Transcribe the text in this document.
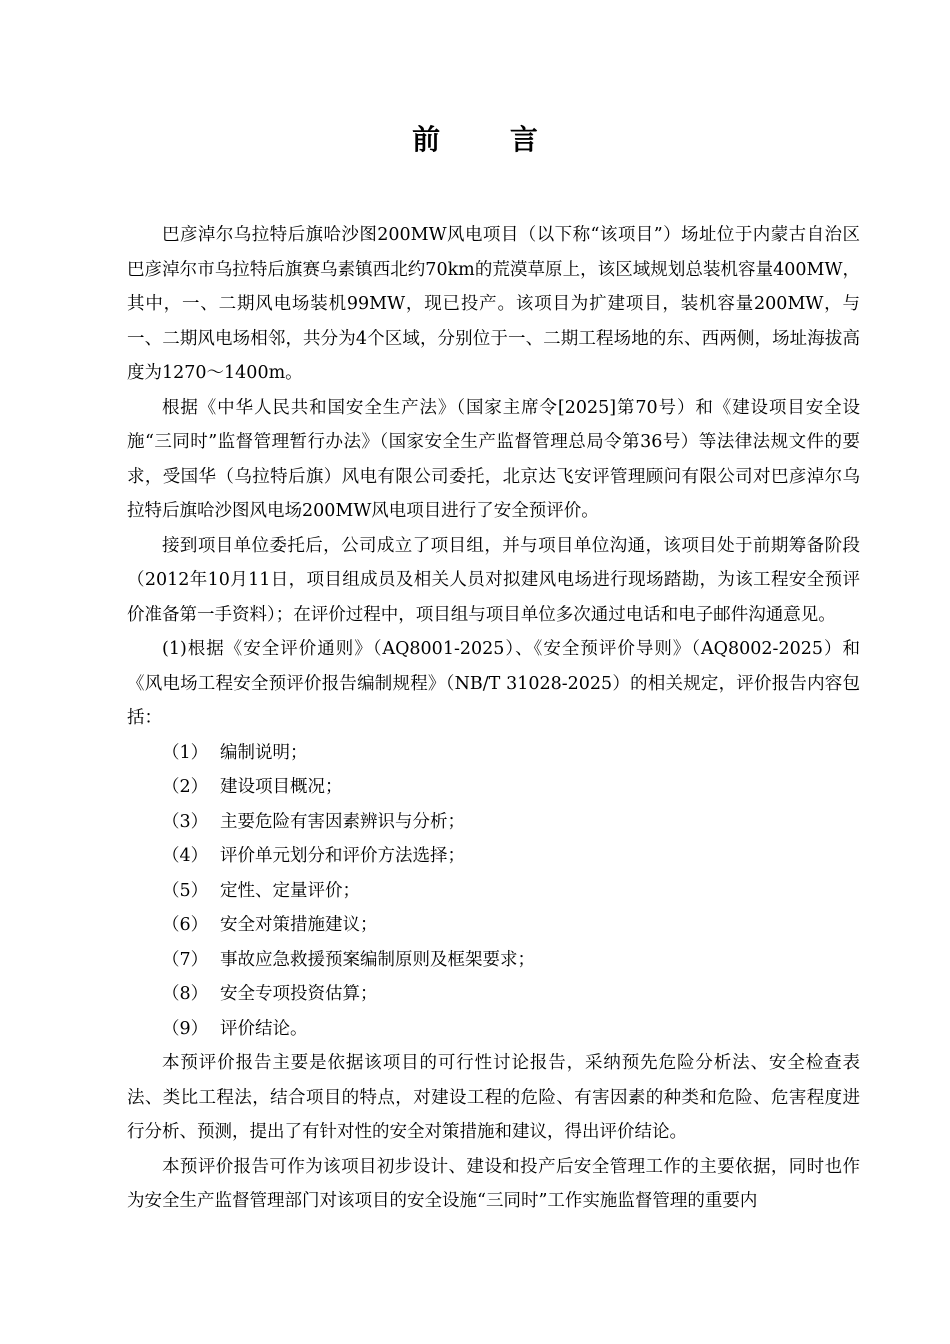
前 言

巴彦淖尔乌拉特后旗哈沙图200MW风电项目（以下称“该项目”）场址位于内蒙古自治区巴彦淖尔市乌拉特后旗赛乌素镇西北约70km的荒漠草原上，该区域规划总装机容量400MW，其中，一、二期风电场装机99MW，现已投产。该项目为扩建项目，装机容量200MW，与一、二期风电场相邻，共分为4个区域，分别位于一、二期工程场地的东、西两侧，场址海拔高度为1270～1400m。

根据《中华人民共和国安全生产法》（国家主席令[2025]第70号）和《建设项目安全设施“三同时”监督管理暂行办法》（国家安全生产监督管理总局令第36号）等法律法规文件的要求，受国华（乌拉特后旗）风电有限公司委托，北京达飞安评管理顾问有限公司对巴彦淖尔乌拉特后旗哈沙图风电场200MW风电项目进行了安全预评价。

接到项目单位委托后，公司成立了项目组，并与项目单位沟通，该项目处于前期筹备阶段（2012年10月11日，项目组成员及相关人员对拟建风电场进行现场踏勘，为该工程安全预评价准备第一手资料）；在评价过程中，项目组与项目单位多次通过电话和电子邮件沟通意见。

(1)根据《安全评价通则》（AQ8001-2025）、《安全预评价导则》（AQ8002-2025）和《风电场工程安全预评价报告编制规程》（NB/T 31028-2025）的相关规定，评价报告内容包括：

（1） 编制说明；
（2） 建设项目概况；
（3） 主要危险有害因素辨识与分析；
（4） 评价单元划分和评价方法选择；
（5） 定性、定量评价；
（6） 安全对策措施建议；
（7） 事故应急救援预案编制原则及框架要求；
（8） 安全专项投资估算；
（9） 评价结论。

本预评价报告主要是依据该项目的可行性讨论报告，采纳预先危险分析法、安全检查表法、类比工程法，结合项目的特点，对建设工程的危险、有害因素的种类和危险、危害程度进行分析、预测，提出了有针对性的安全对策措施和建议，得出评价结论。

本预评价报告可作为该项目初步设计、建设和投产后安全管理工作的主要依据，同时也作为安全生产监督管理部门对该项目的安全设施“三同时”工作实施监督管理的重要内
